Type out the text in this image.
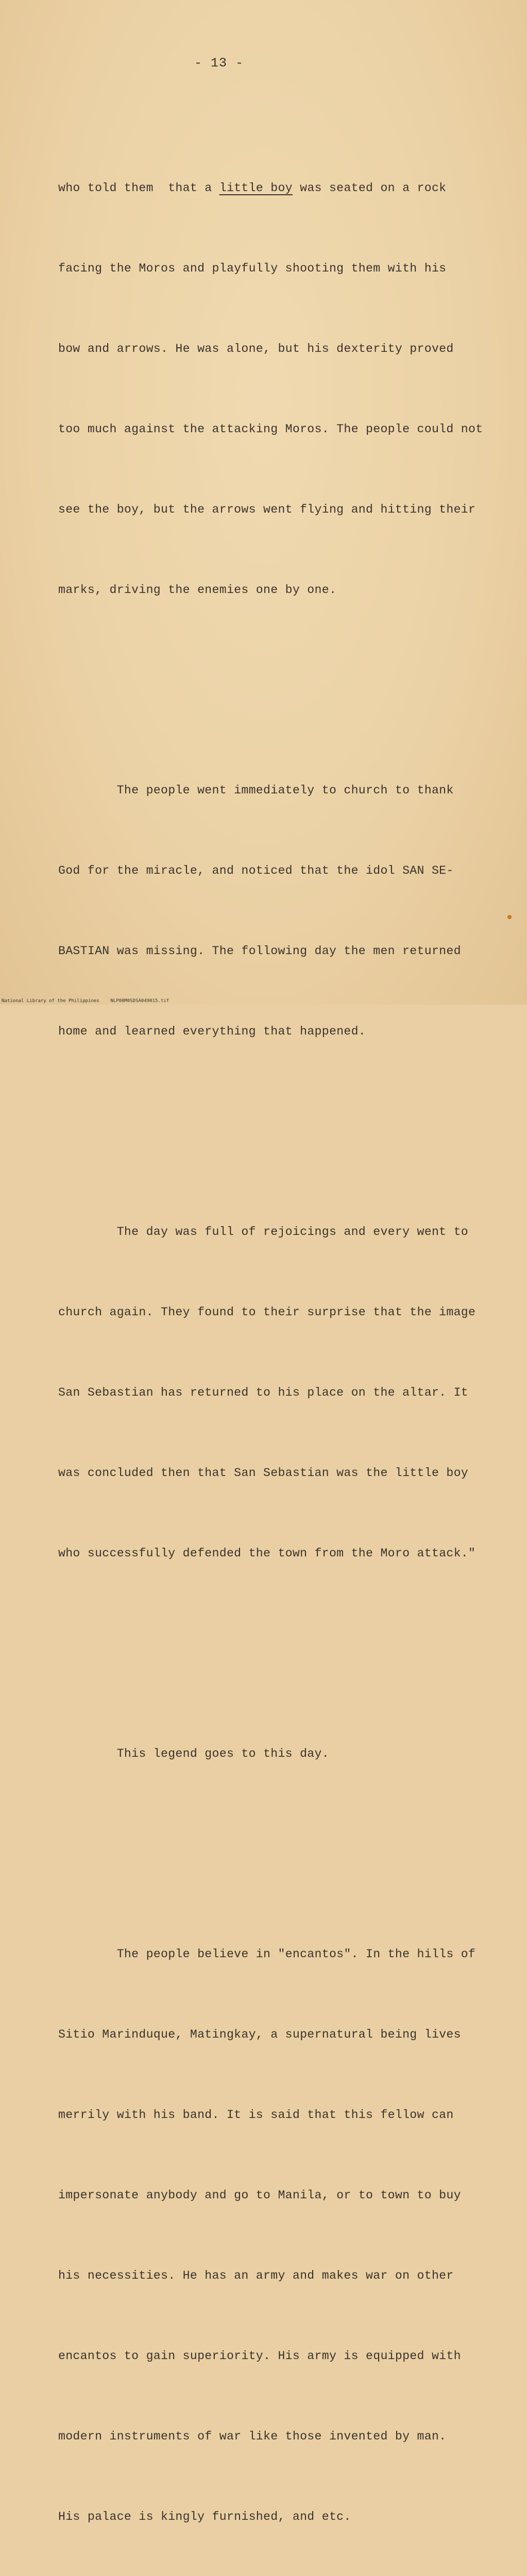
- 13 -

who told them  that a little boy was seated on a rock

facing the Moros and playfully shooting them with his

bow and arrows. He was alone, but his dexterity proved

too much against the attacking Moros. The people could not

see the boy, but the arrows went flying and hitting their

marks, driving the enemies one by one.

The people went immediately to church to thank

God for the miracle, and noticed that the idol SAN SE-

BASTIAN was missing. The following day the men returned

home and learned everything that happened.

The day was full of rejoicings and every went to

church again. They found to their surprise that the image

San Sebastian has returned to his place on the altar. It

was concluded then that San Sebastian was the little boy

who successfully defended the town from the Moro attack."

This legend goes to this day.

The people believe in "encantos". In the hills of

Sitio Marinduque, Matingkay, a supernatural being lives

merrily with his band. It is said that this fellow can

impersonate anybody and go to Manila, or to town to buy

his necessities. He has an army and makes war on other

encantos to gain superiority. His army is equipped with

modern instruments of war like those invented by man.

His palace is kingly furnished, and etc.

National Library of the Philippines    NLP00M0SDSA049015.tif
